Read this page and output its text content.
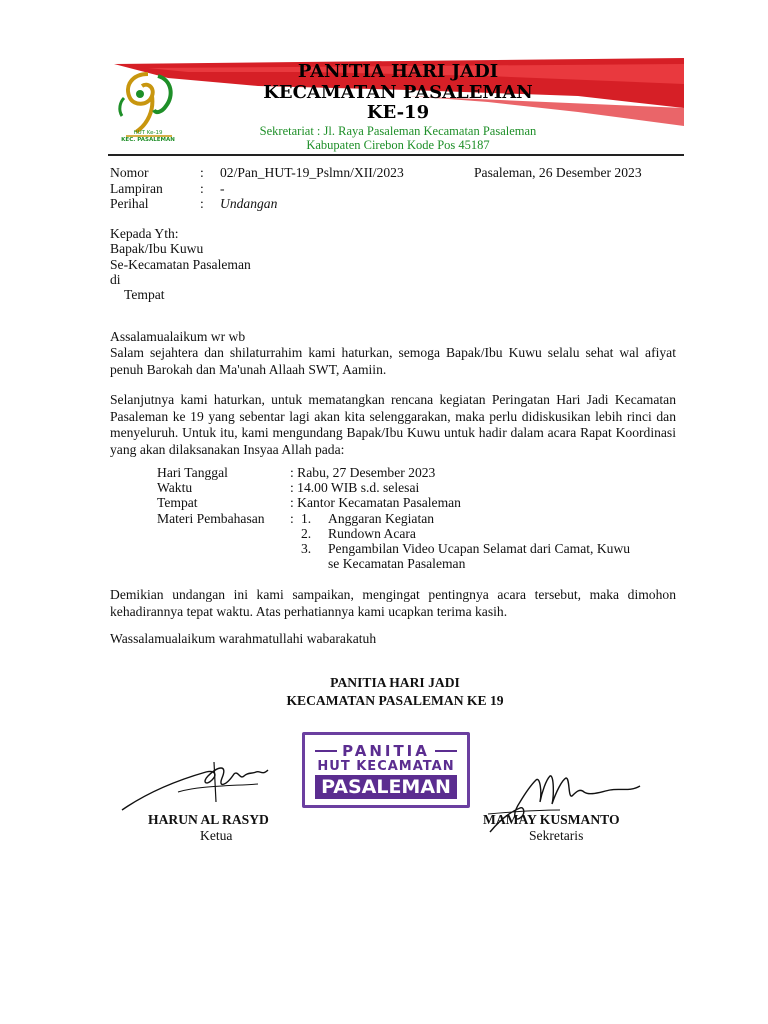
HUT Ke-19
KEC. PASALEMAN
PANITIA HARI JADI
KECAMATAN PASALEMAN
KE-19
Sekretariat : Jl. Raya Pasaleman Kecamatan Pasaleman
Kabupaten Cirebon Kode Pos 45187
Nomor	: 02/Pan_HUT-19_Pslmn/XII/2023	Pasaleman, 26 Desember 2023
Lampiran	: -
Perihal	: Undangan
Kepada Yth:
Bapak/Ibu Kuwu
Se-Kecamatan Pasaleman
di
Tempat
Assalamualaikum wr wb
Salam sejahtera dan shilaturrahim kami haturkan, semoga Bapak/Ibu Kuwu selalu sehat wal afiyat penuh Barokah dan Ma'unah Allaah SWT, Aamiin.
Selanjutnya kami haturkan, untuk mematangkan rencana kegiatan Peringatan Hari Jadi Kecamatan Pasaleman ke 19 yang sebentar lagi akan kita selenggarakan, maka perlu didiskusikan lebih rinci dan menyeluruh. Untuk itu, kami mengundang Bapak/Ibu Kuwu untuk hadir dalam acara Rapat Koordinasi yang akan dilaksanakan Insyaa Allah pada:
Hari Tanggal	: Rabu, 27 Desember 2023
Waktu	: 14.00 WIB s.d. selesai
Tempat	: Kantor Kecamatan Pasaleman
Materi Pembahasan : 1. Anggaran Kegiatan
2. Rundown Acara
3. Pengambilan Video Ucapan Selamat dari Camat, Kuwu
se Kecamatan Pasaleman
Demikian undangan ini kami sampaikan, mengingat pentingnya acara tersebut, maka dimohon kehadirannya tepat waktu. Atas perhatiannya kami ucapkan terima kasih.
Wassalamualaikum warahmatullahi wabarakatuh
PANITIA HARI JADI
KECAMATAN PASALEMAN KE 19
PANITIA
HUT KECAMATAN
PASALEMAN
HARUN AL RASYD
Ketua
MAMAY KUSMANTO
Sekretaris
